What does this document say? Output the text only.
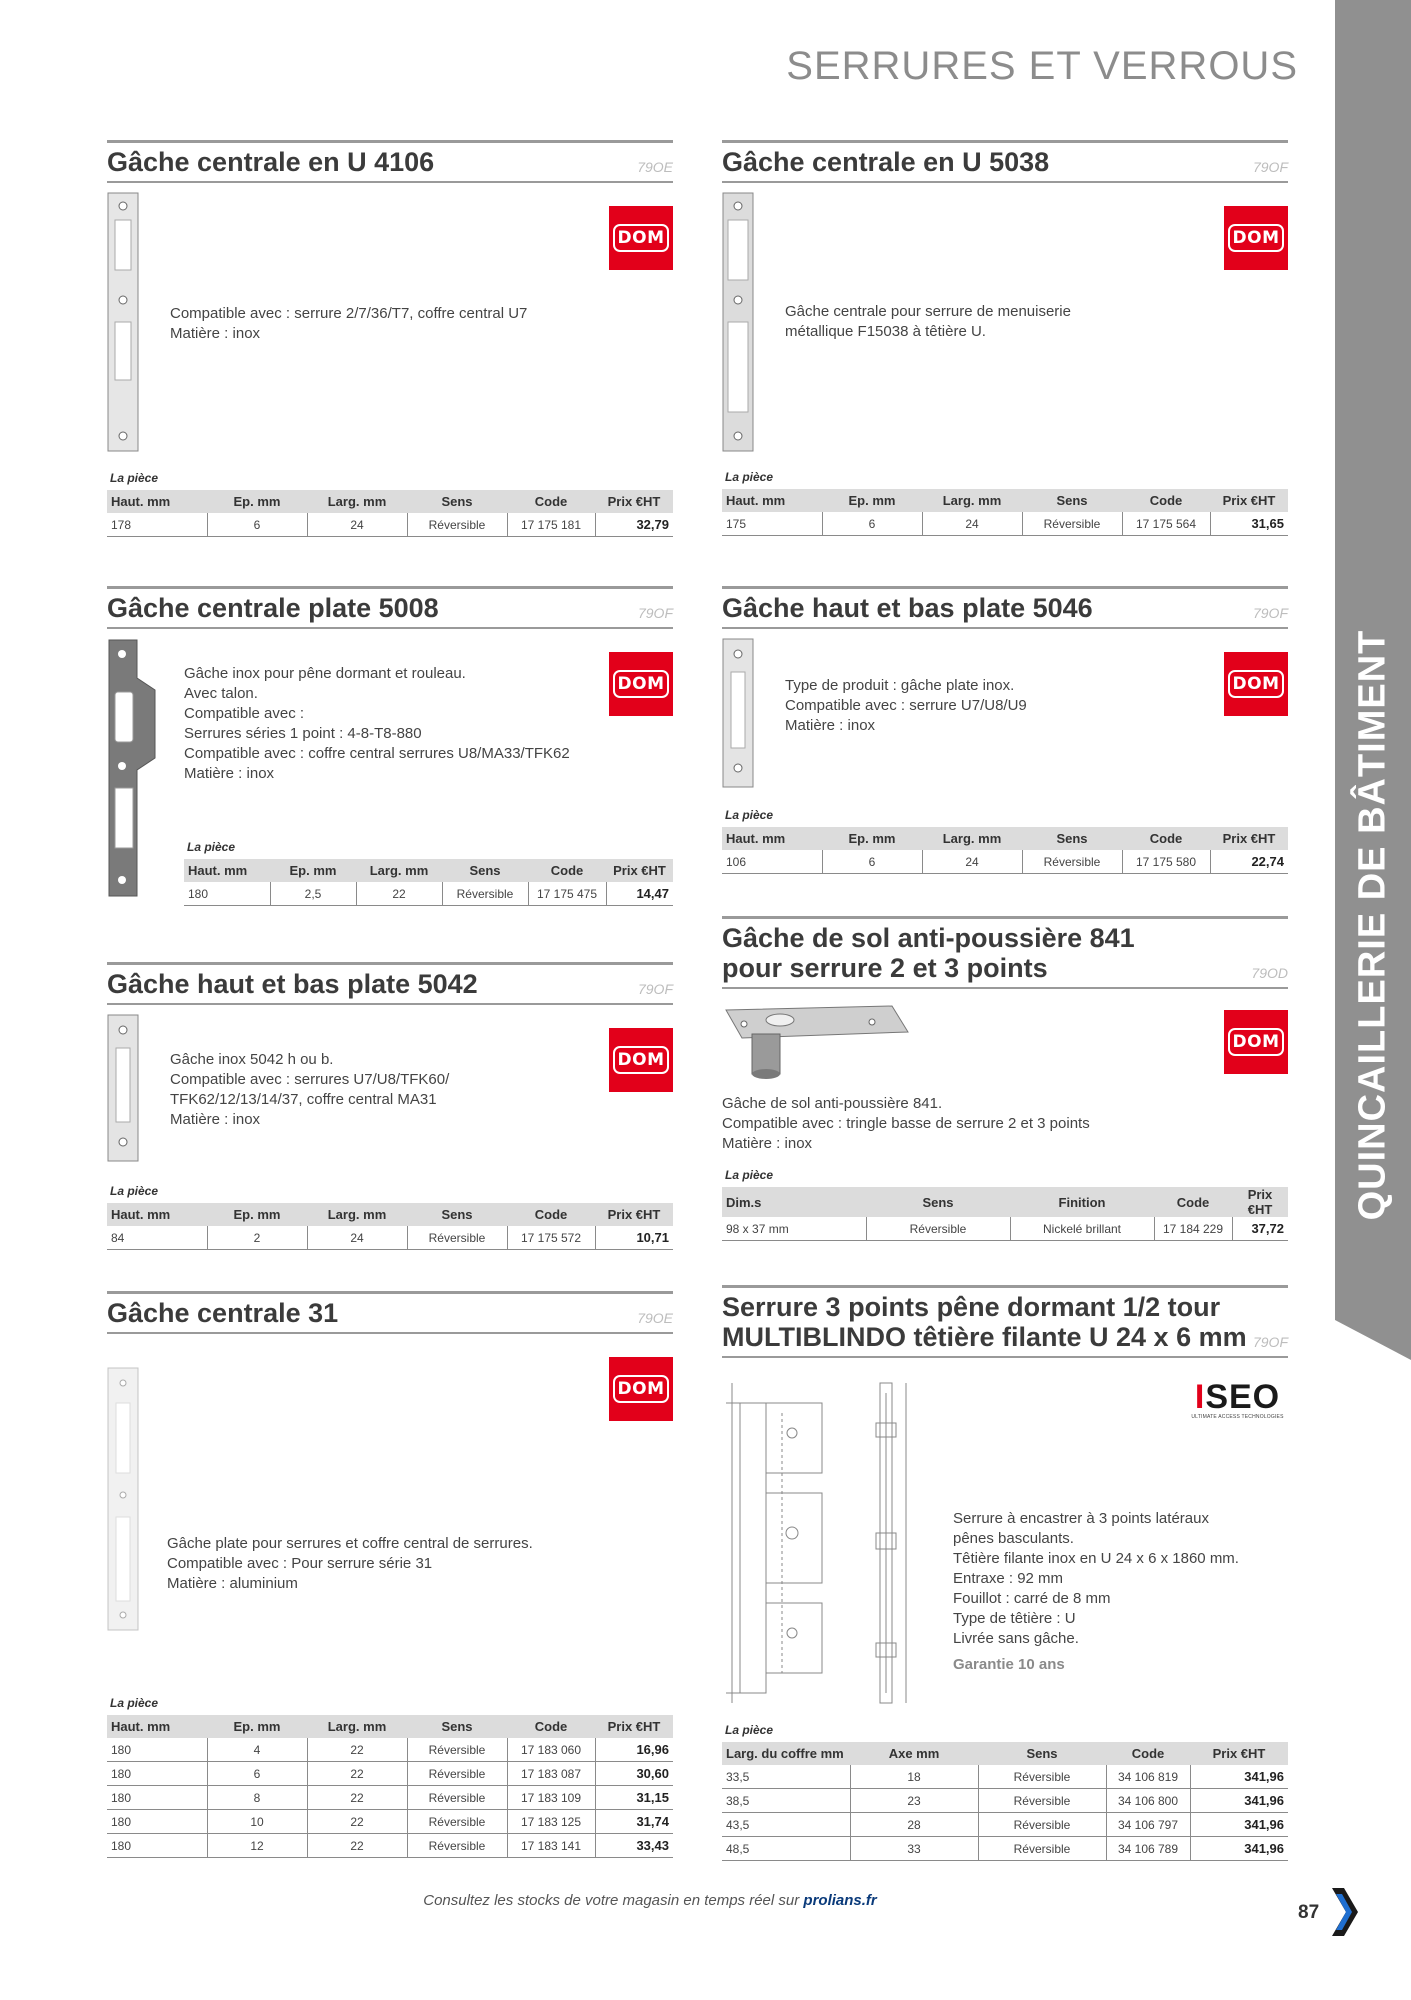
SERRURES ET VERROUS
QUINCAILLERIE DE BÂTIMENT
Gâche centrale en U 4106	79OE
DOM
Compatible avec : serrure 2/7/36/T7, coffre central U7
Matière : inox
La pièce
Haut. mm	Ep. mm	Larg. mm	Sens	Code	Prix €HT
178	6	24	Réversible	17 175 181	32,79
Gâche centrale en U 5038	79OF
DOM
Gâche centrale pour serrure de menuiserie
métallique F15038 à têtière U.
La pièce
Haut. mm	Ep. mm	Larg. mm	Sens	Code	Prix €HT
175	6	24	Réversible	17 175 564	31,65
Gâche centrale plate 5008	79OF
DOM
Gâche inox pour pêne dormant et rouleau.
Avec talon.
Compatible avec :
Serrures séries 1 point : 4-8-T8-880
Compatible avec : coffre central serrures U8/MA33/TFK62
Matière : inox
La pièce
Haut. mm	Ep. mm	Larg. mm	Sens	Code	Prix €HT
180	2,5	22	Réversible	17 175 475	14,47
Gâche haut et bas plate 5046	79OF
DOM
Type de produit : gâche plate inox.
Compatible avec : serrure U7/U8/U9
Matière : inox
La pièce
Haut. mm	Ep. mm	Larg. mm	Sens	Code	Prix €HT
106	6	24	Réversible	17 175 580	22,74
Gâche de sol anti-poussière 841
pour serrure 2 et 3 points	79OD
DOM
Gâche de sol anti-poussière 841.
Compatible avec : tringle basse de serrure 2 et 3 points
Matière : inox
La pièce
Dim.s	Sens	Finition	Code	Prix €HT
98 x 37 mm	Réversible	Nickelé brillant	17 184 229	37,72
Gâche haut et bas plate 5042	79OF
DOM
Gâche inox 5042 h ou b.
Compatible avec : serrures U7/U8/TFK60/
TFK62/12/13/14/37, coffre central MA31
Matière : inox
La pièce
Haut. mm	Ep. mm	Larg. mm	Sens	Code	Prix €HT
84	2	24	Réversible	17 175 572	10,71
Gâche centrale 31	79OE
DOM
Gâche plate pour serrures et coffre central de serrures.
Compatible avec : Pour serrure série 31
Matière : aluminium
La pièce
Haut. mm	Ep. mm	Larg. mm	Sens	Code	Prix €HT
180	4	22	Réversible	17 183 060	16,96
180	6	22	Réversible	17 183 087	30,60
180	8	22	Réversible	17 183 109	31,15
180	10	22	Réversible	17 183 125	31,74
180	12	22	Réversible	17 183 141	33,43
Serrure 3 points pêne dormant 1/2 tour
MULTIBLINDO têtière filante U 24 x 6 mm 79OF
ISEO
ULTIMATE ACCESS TECHNOLOGIES
Serrure à encastrer à 3 points latéraux
pênes basculants.
Têtière filante inox en U 24 x 6 x 1860 mm.
Entraxe : 92 mm
Fouillot : carré de 8 mm
Type de têtière : U
Livrée sans gâche.
Garantie 10 ans
La pièce
Larg. du coffre mm	Axe mm	Sens	Code	Prix €HT
33,5	18	Réversible	34 106 819	341,96
38,5	23	Réversible	34 106 800	341,96
43,5	28	Réversible	34 106 797	341,96
48,5	33	Réversible	34 106 789	341,96
Consultez les stocks de votre magasin en temps réel sur prolians.fr
87
